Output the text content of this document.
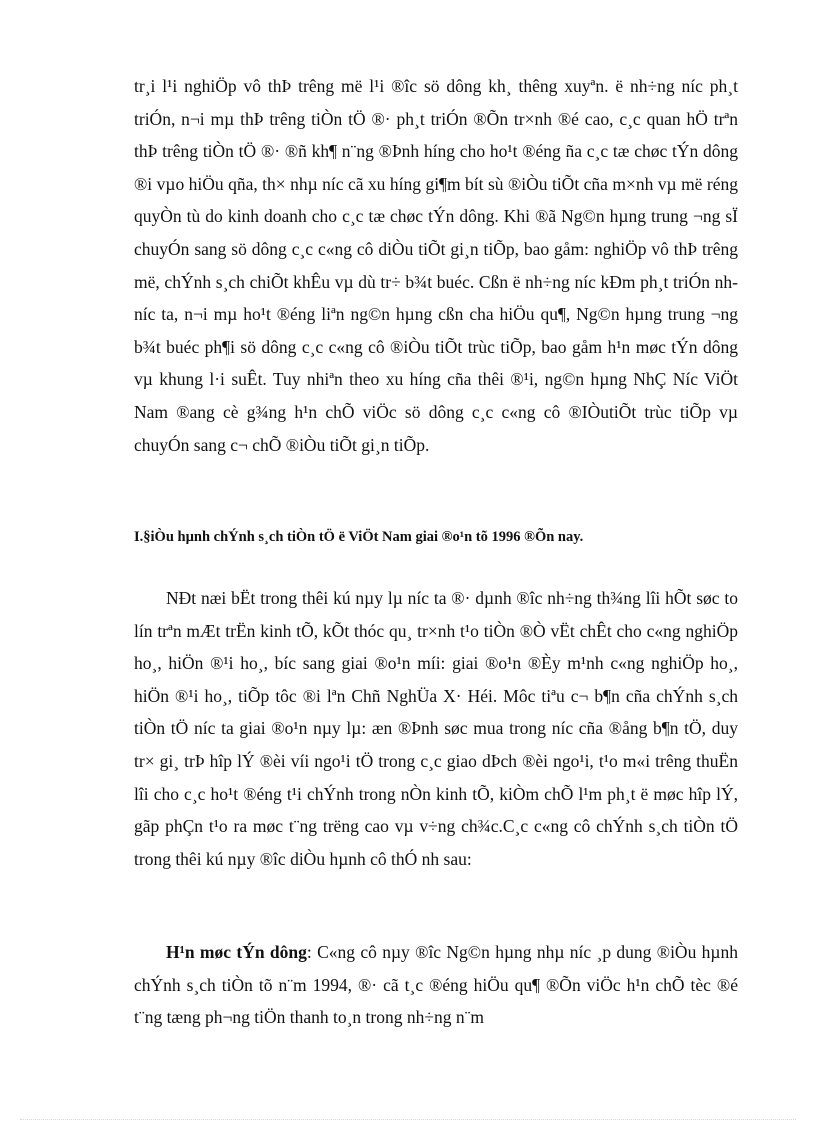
tr¸i l¹i nghiÖp vô thÞ trêng më l¹i ®îc sö dông kh¸ thêng xuyªn. ë nh÷ng níc ph¸t triÓn, n¬i mµ thÞ trêng tiÒn tÖ ®· ph¸t triÓn ®Õn tr×nh ®é cao, c¸c quan hÖ trªn thÞ trêng tiÒn tÖ ®· ®ñ kh¶ n¨ng ®Þnh híng cho ho¹t ®éng ña c¸c tæ chøc tÝn dông ®i vµo hiÖu qña, th× nhµ níc cã xu híng gi¶m bít sù ®iÒu tiÕt cña m×nh vµ më réng quyÒn tù do kinh doanh cho c¸c tæ chøc tÝn dông. Khi ®ã Ng©n hµng trung ¬ng sÏ chuyÓn sang sö dông c¸c c«ng cô diÒu tiÕt gi¸n tiÕp, bao gåm: nghiÖp vô thÞ trêng më, chÝnh s¸ch chiÕt khÊu vµ dù tr÷ b¾t buéc. Cßn ë nh÷ng níc kÐm ph¸t triÓn nh níc ta, n¬i mµ ho¹t ®éng liªn ng©n hµng cßn cha hiÖu qu¶, Ng©n hµng trung ¬ng b¾t buéc ph¶i sö dông c¸c c«ng cô ®iÒu tiÕt trùc tiÕp, bao gåm h¹n møc tÝn dông vµ khung l·i suÊt. Tuy nhiªn theo xu híng cña thêi ®¹i, ng©n hµng NhÇ Níc ViÖt Nam ®ang cè g¾ng h¹n chÕ viÖc sö dông c¸c c«ng cô ®IÒutiÕt trùc tiÕp vµ chuyÓn sang c¬ chÕ ®iÒu tiÕt gi¸n tiÕp.

I.§iÒu hµnh chÝnh s¸ch tiÒn tÖ ë ViÖt Nam giai ®o¹n tõ 1996 ®Õn nay.

NÐt næi bËt trong thêi kú nµy lµ níc ta ®· dµnh ®îc nh÷ng th¾ng lîi hÕt søc to lín trªn mÆt trËn kinh tÕ, kÕt thóc qu¸ tr×nh t¹o tiÒn ®Ò vËt chÊt cho c«ng nghiÖp ho¸, hiÖn ®¹i ho¸, bíc sang giai ®o¹n míi: giai ®o¹n ®Èy m¹nh c«ng nghiÖp ho¸, hiÖn ®¹i ho¸, tiÕp tôc ®i lªn Chñ NghÜa X· Héi. Môc tiªu c¬ b¶n cña chÝnh s¸ch tiÒn tÖ níc ta giai ®o¹n nµy lµ: æn ®Þnh søc mua trong níc cña ®ång b¶n tÖ, duy tr× gi¸ trÞ hîp lÝ ®èi víi ngo¹i tÖ trong c¸c giao dÞch ®èi ngo¹i, t¹o m«i trêng thuËn lîi cho c¸c ho¹t ®éng t¹i chÝnh trong nÒn kinh tÕ, kiÒm chÕ l¹m ph¸t ë møc hîp lÝ, gãp phÇn t¹o ra møc t¨ng trëng cao vµ v÷ng ch¾c.C¸c c«ng cô chÝnh s¸ch tiÒn tÖ trong thêi kú nµy ®îc diÒu hµnh cô thÓ nh sau:

H¹n møc tÝn dông: C«ng cô nµy ®îc Ng©n hµng nhµ níc ¸p dung ®iÒu hµnh chÝnh s¸ch tiÒn tõ n¨m 1994, ®· cã t¸c ®éng hiÖu qu¶ ®Õn viÖc h¹n chÕ tèc ®é t¨ng tæng ph¬ng tiÖn thanh to¸n trong nh÷ng n¨m
